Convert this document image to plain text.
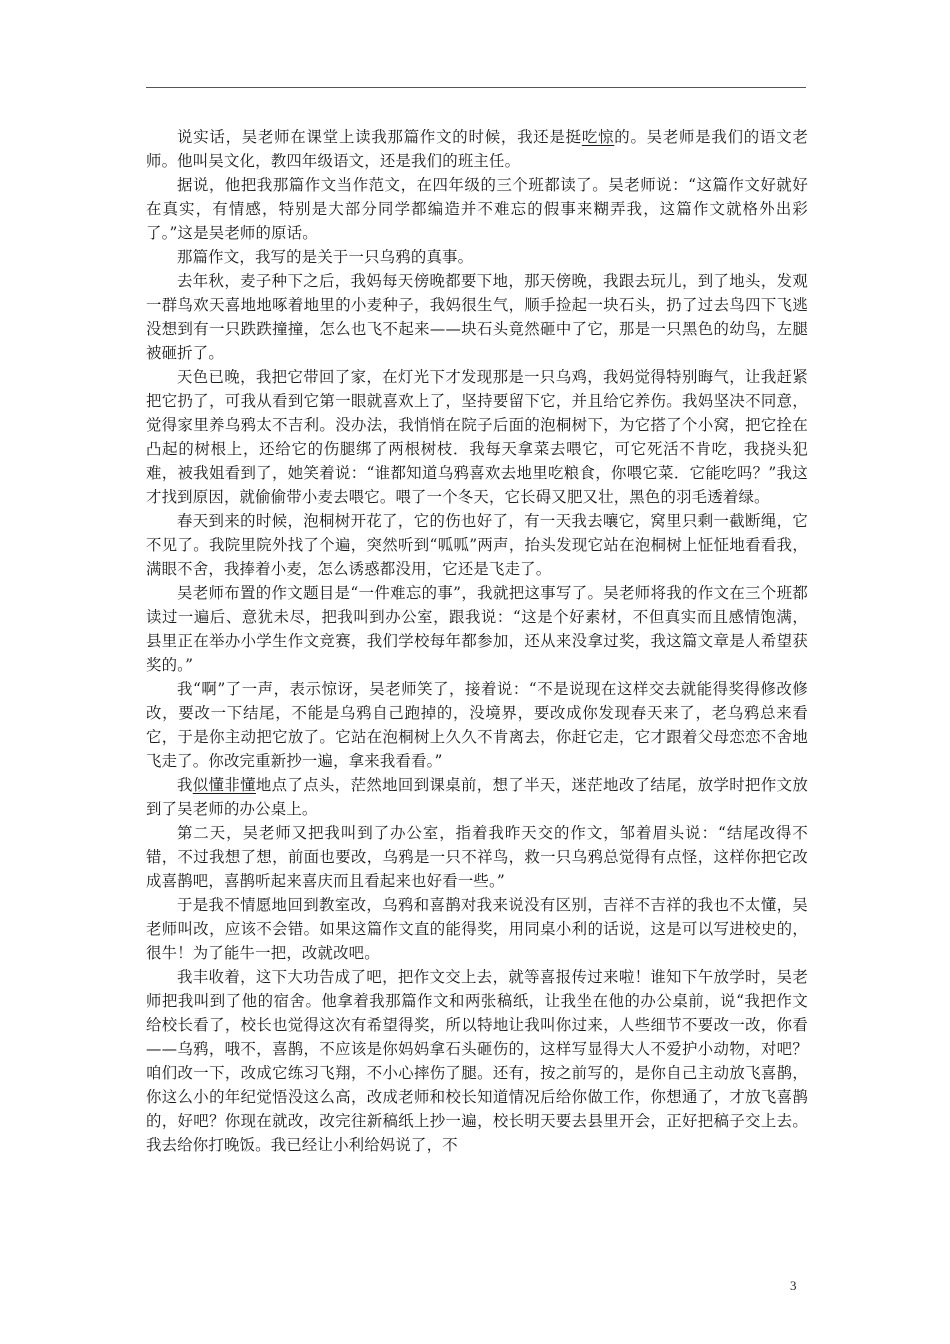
说实话，吴老师在课堂上读我那篇作文的时候，我还是挺吃惊的。吴老师是我们的语文老师。他叫吴文化，教四年级语文，还是我们的班主任。

据说，他把我那篇作文当作范文，在四年级的三个班都读了。吴老师说：“这篇作文好就好在真实，有情感，特别是大部分同学都编造并不难忘的假事来糊弄我，这篇作文就格外出彩了。”这是吴老师的原话。

那篇作文，我写的是关于一只乌鸦的真事。

去年秋，麦子种下之后，我妈每天傍晚都要下地，那天傍晚，我跟去玩儿，到了地头，发观一群鸟欢天喜地地啄着地里的小麦种子，我妈很生气，顺手捡起一块石头，扔了过去鸟四下飞逃没想到有一只跌跌撞撞，怎么也飞不起来——块石头竟然砸中了它，那是一只黑色的幼鸟，左腿被砸折了。

天色已晚，我把它带回了家，在灯光下才发现那是一只乌鸡，我妈觉得特别晦气，让我赶紧把它扔了，可我从看到它第一眼就喜欢上了，坚持要留下它，并且给它养伤。我妈坚决不同意，觉得家里养乌鸦太不吉利。没办法，我悄悄在院子后面的泡桐树下，为它搭了个小窝，把它拴在凸起的树根上，还给它的伤腿绑了两根树枝．我每天拿菜去喂它，可它死活不肯吃，我挠头犯难，被我姐看到了，她笑着说：“谁都知道乌鸦喜欢去地里吃粮食，你喂它菜．它能吃吗？”我这才找到原因，就偷偷带小麦去喂它。喂了一个冬天，它长碍又肥又壮，黑色的羽毛透着绿。

春天到来的时候，泡桐树开花了，它的伤也好了，有一天我去嚷它，窝里只剩一截断绳，它不见了。我院里院外找了个遍，突然听到“呱呱”两声，抬头发现它站在泡桐树上怔怔地看看我，满眼不舍，我捧着小麦，怎么诱惑都没用，它还是飞走了。

吴老师布置的作文题目是“一件难忘的事”，我就把这事写了。吴老师将我的作文在三个班都读过一遍后、意犹未尽，把我叫到办公室，跟我说：“这是个好素材，不但真实而且感情饱满，县里正在举办小学生作文竞赛，我们学校每年都参加，还从来没拿过奖，我这篇文章是人希望获奖的。”

我“啊”了一声，表示惊讶，吴老师笑了，接着说：“不是说现在这样交去就能得奖得修改修改，要改一下结尾，不能是乌鸦自己跑掉的，没境界，要改成你发现春天来了，老乌鸦总来看它，于是你主动把它放了。它站在泡桐树上久久不肯离去，你赶它走，它才跟着父母恋恋不舍地飞走了。你改完重新抄一遍，拿来我看看。”

我似懂非懂地点了点头，茫然地回到课桌前，想了半天，迷茫地改了结尾，放学时把作文放到了吴老师的办公桌上。

第二天，吴老师又把我叫到了办公室，指着我昨天交的作文，邹着眉头说：“结尾改得不错，不过我想了想，前面也要改，乌鸦是一只不祥鸟，救一只乌鸦总觉得有点怪，这样你把它改成喜鹊吧，喜鹊听起来喜庆而且看起来也好看一些。”

于是我不情愿地回到教室改，乌鸦和喜鹊对我来说没有区别，吉祥不吉祥的我也不太懂，吴老师叫改，应该不会错。如果这篇作文直的能得奖，用同桌小利的话说，这是可以写进校史的，很牛！为了能牛一把，改就改吧。

我丰收着，这下大功告成了吧，把作文交上去，就等喜报传过来啦！谁知下午放学时，吴老师把我叫到了他的宿舍。他拿着我那篇作文和两张稿纸，让我坐在他的办公桌前，说“我把作文给校长看了，校长也觉得这次有希望得奖，所以特地让我叫你过来，人些细节不要改一改，你看——乌鸦，哦不，喜鹊，不应该是你妈妈拿石头砸伤的，这样写显得大人不爱护小动物，对吧？咱们改一下，改成它练习飞翔，不小心摔伤了腿。还有，按之前写的，是你自己主动放飞喜鹊，你这么小的年纪觉悟没这么高，改成老师和校长知道情况后给你做工作，你想通了，才放飞喜鹊的，好吧？你现在就改，改完往新稿纸上抄一遍，校长明天要去县里开会，正好把稿子交上去。我去给你打晚饭。我已经让小利给妈说了，不

3
